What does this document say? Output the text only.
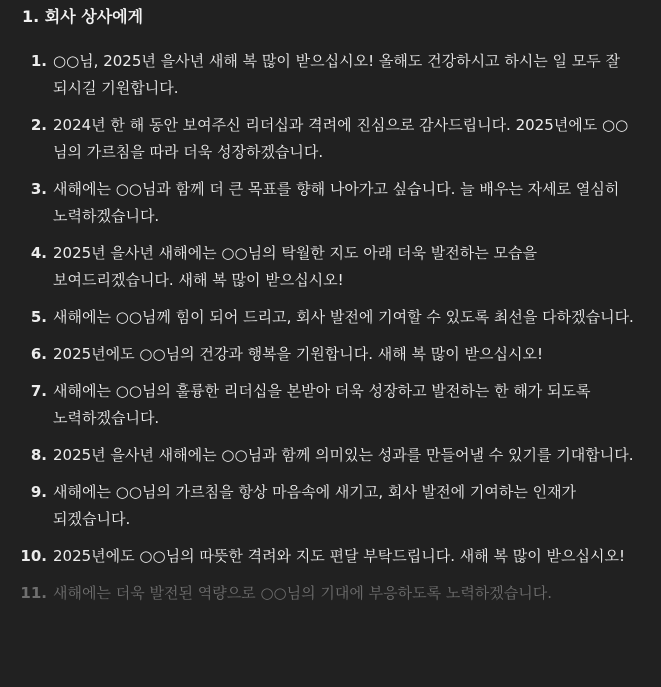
1. 회사 상사에게
1. ○○님, 2025년 을사년 새해 복 많이 받으십시오! 올해도 건강하시고 하시는 일 모두 잘 되시길 기원합니다.
2. 2024년 한 해 동안 보여주신 리더십과 격려에 진심으로 감사드립니다. 2025년에도 ○○님의 가르침을 따라 더욱 성장하겠습니다.
3. 새해에는 ○○님과 함께 더 큰 목표를 향해 나아가고 싶습니다. 늘 배우는 자세로 열심히 노력하겠습니다.
4. 2025년 을사년 새해에는 ○○님의 탁월한 지도 아래 더욱 발전하는 모습을 보여드리겠습니다. 새해 복 많이 받으십시오!
5. 새해에는 ○○님께 힘이 되어 드리고, 회사 발전에 기여할 수 있도록 최선을 다하겠습니다.
6. 2025년에도 ○○님의 건강과 행복을 기원합니다. 새해 복 많이 받으십시오!
7. 새해에는 ○○님의 훌륭한 리더십을 본받아 더욱 성장하고 발전하는 한 해가 되도록 노력하겠습니다.
8. 2025년 을사년 새해에는 ○○님과 함께 의미있는 성과를 만들어낼 수 있기를 기대합니다.
9. 새해에는 ○○님의 가르침을 항상 마음속에 새기고, 회사 발전에 기여하는 인재가 되겠습니다.
10. 2025년에도 ○○님의 따뜻한 격려와 지도 편달 부탁드립니다. 새해 복 많이 받으십시오!
11. 새해에는 더욱 발전된 역량으로 ○○님의 기대에 부응하도록 노력하겠습니다.
